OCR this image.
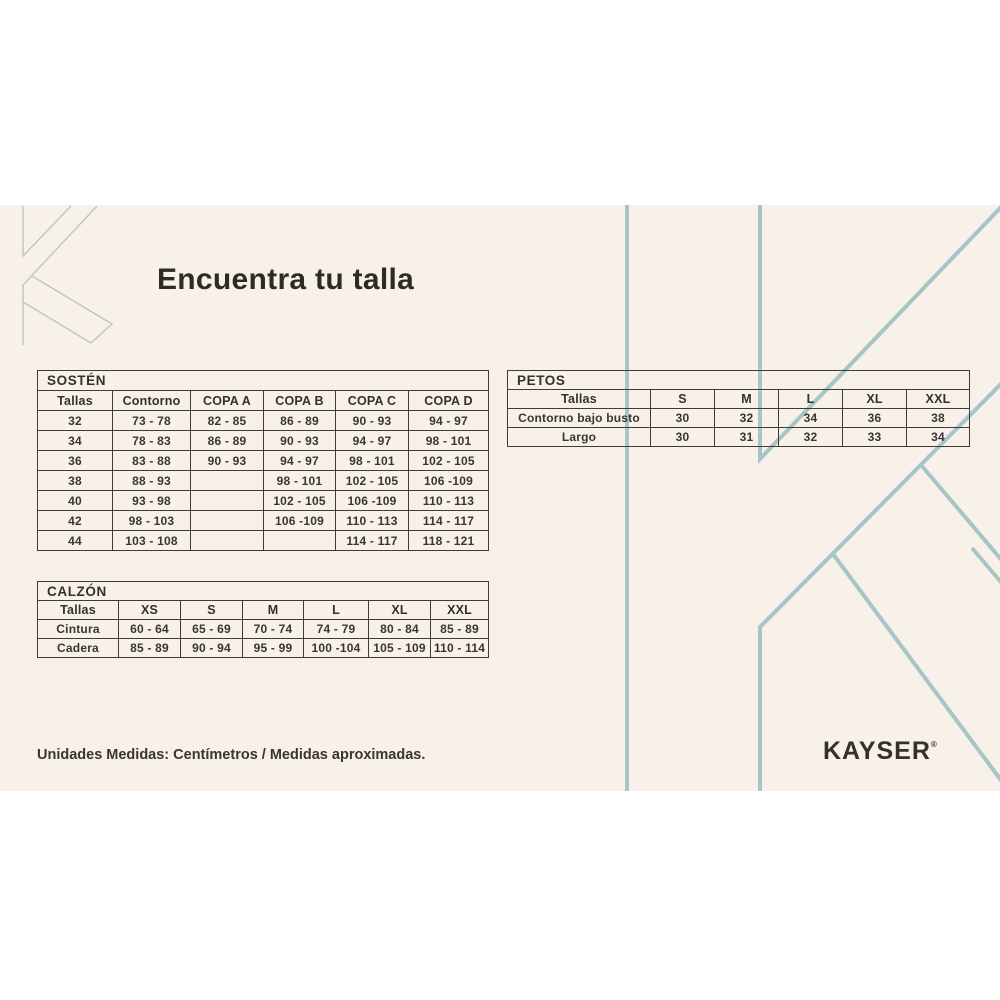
Encuentra tu talla
SOSTÉN					
Tallas	Contorno	COPA A	COPA B	COPA C	COPA D
32	73 - 78	82 - 85	86 - 89	90 - 93	94 - 97
34	78 - 83	86 - 89	90 - 93	94 - 97	98 - 101
36	83 - 88	90 - 93	94 - 97	98 - 101	102 - 105
38	88 - 93		98 - 101	102 - 105	106 -109
40	93 - 98		102 - 105	106 -109	110 - 113
42	98 - 103		106 -109	110 - 113	114 - 117
44	103 - 108			114 - 117	118 - 121
PETOS					
Tallas	S	M	L	XL	XXL
Contorno bajo busto	30	32	34	36	38
Largo	30	31	32	33	34
CALZÓN						
Tallas	XS	S	M	L	XL	XXL
Cintura	60 - 64	65 - 69	70 - 74	74 - 79	80 - 84	85 - 89
Cadera	85 - 89	90 - 94	95 - 99	100 -104	105 - 109	110 - 114
Unidades Medidas: Centímetros / Medidas aproximadas.	KAYSER®
